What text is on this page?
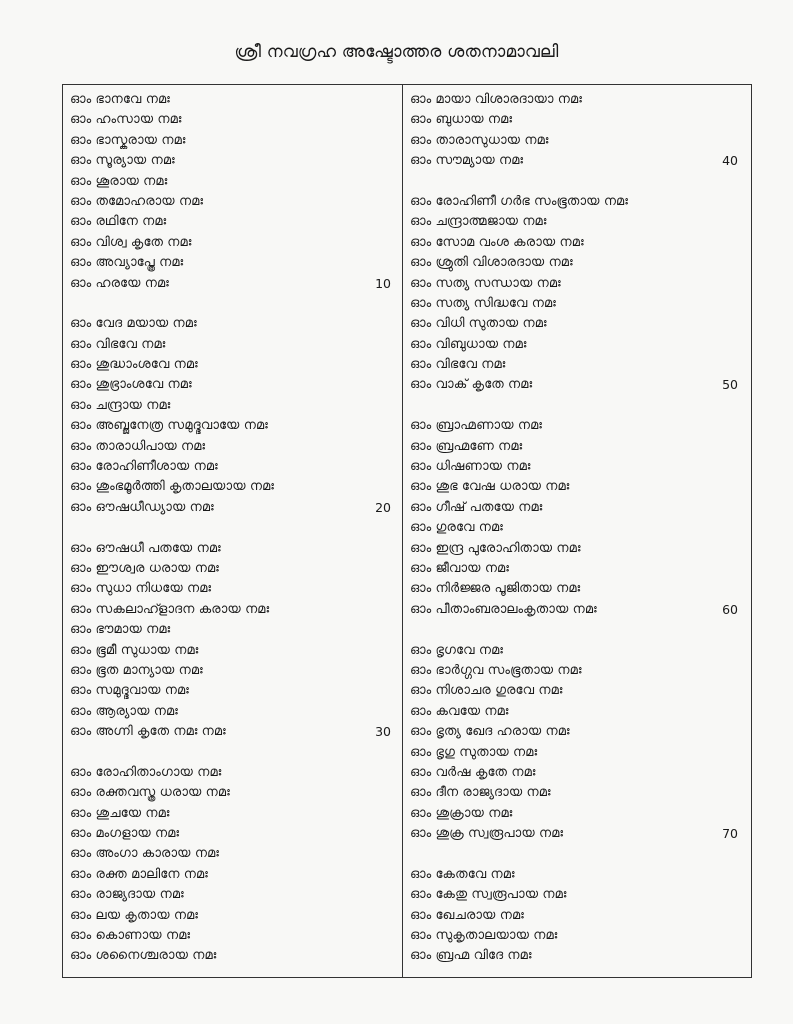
ശ്രീ നവഗ്രഹ അഷ്ടോത്തര ശതനാമാവലി
ഓം ഭാനവേ നമഃ
ഓം ഹംസായ നമഃ
ഓം ഭാസ്കരായ നമഃ
ഓം സൂര്യായ നമഃ
ഓം ശൂരായ നമഃ
ഓം തമോഹരായ നമഃ
ഓം രഥിനേ നമഃ
ഓം വിശ്വ കൃതേ നമഃ
ഓം അവ്യാപ്ത്രേ നമഃ
ഓം ഹരയേ നമഃ	10
ഓം വേദ മയായ നമഃ
ഓം വിഭവേ നമഃ
ഓം ശുദ്ധാംശവേ നമഃ
ഓം ശുഭ്രാംശവേ നമഃ
ഓം ചന്ദ്രായ നമഃ
ഓം അബ്ജനേത്ര സമുദ്ഭവായേ നമഃ
ഓം താരാധിപായ നമഃ
ഓം രോഹിണീശായ നമഃ
ഓം ശുംഭമൂർത്തി കൃതാലയായ നമഃ
ഓം ഔഷധീഡ്യായ നമഃ	20
ഓം ഔഷധീ പതയേ നമഃ
ഓം ഈശ്വര ധരായ നമഃ
ഓം സുധാ നിധയേ നമഃ
ഓം സകലാഹ്ളാദന കരായ നമഃ
ഓം ഭൗമായ നമഃ
ഓം ഭൂമീ സുധായ നമഃ
ഓം ഭൂത മാന്യായ നമഃ
ഓം സമുദ്ഭവായ നമഃ
ഓം ആര്യായ നമഃ
ഓം അഗ്നി കൃതേ നമഃ നമഃ	30
ഓം രോഹിതാംഗായ നമഃ
ഓം രക്തവസ്ത്ര ധരായ നമഃ
ഓം ശുചയേ നമഃ
ഓം മംഗളായ നമഃ
ഓം അംഗാ കാരായ നമഃ
ഓം രക്ത മാലിനേ നമഃ
ഓം രാജ്യദായ നമഃ
ഓം ലയ കൃതായ നമഃ
ഓം കൊണായ നമഃ
ഓം ശനൈശ്ചരായ നമഃ
ഓം മായാ വിശാരദായാ നമഃ
ഓം ബുധായ നമഃ
ഓം താരാസുധായ നമഃ
ഓം സൗമ്യായ നമഃ	40
ഓം രോഹിണീ ഗർഭ സംഭൂതായ നമഃ
ഓം ചന്ദ്രാത്മജായ നമഃ
ഓം സോമ വംശ കരായ നമഃ
ഓം ശ്രുതി വിശാരദായ നമഃ
ഓം സത്യ സന്ധായ നമഃ
ഓം സത്യ സിദ്ധവേ നമഃ
ഓം വിധി സുതായ നമഃ
ഓം വിബുധായ നമഃ
ഓം വിഭവേ നമഃ
ഓം വാക് കൃതേ നമഃ	50
ഓം ബ്രാഹ്മണായ നമഃ
ഓം ബ്രഹ്മണേ നമഃ
ഓം ധിഷണായ നമഃ
ഓം ശുഭ വേഷ ധരായ നമഃ
ഓം ഗീഷ് പതയേ നമഃ
ഓം ഗുരവേ നമഃ
ഓം ഇന്ദ്ര പുരോഹിതായ നമഃ
ഓം ജീവായ നമഃ
ഓം നിർജ്ജര പൂജിതായ നമഃ
ഓം പീതാംബരാലംകൃതായ നമഃ	60
ഓം ഭൃഗവേ നമഃ
ഓം ഭാർഗ്ഗവ സംഭൂതായ നമഃ
ഓം നിശാചര ഗുരവേ നമഃ
ഓം കവയേ നമഃ
ഓം ഭൃത്യ ഖേദ ഹരായ നമഃ
ഓം ഭൃഗു സുതായ നമഃ
ഓം വർഷ കൃതേ നമഃ
ഓം ദീന രാജ്യദായ നമഃ
ഓം ശുക്രായ നമഃ
ഓം ശുക്ര സ്വരൂപായ നമഃ	70
ഓം കേതവേ നമഃ
ഓം കേതു സ്വരൂപായ നമഃ
ഓം ഖേചരായ നമഃ
ഓം സുകൃതാലയായ നമഃ
ഓം ബ്രഹ്മ വിദേ നമഃ
